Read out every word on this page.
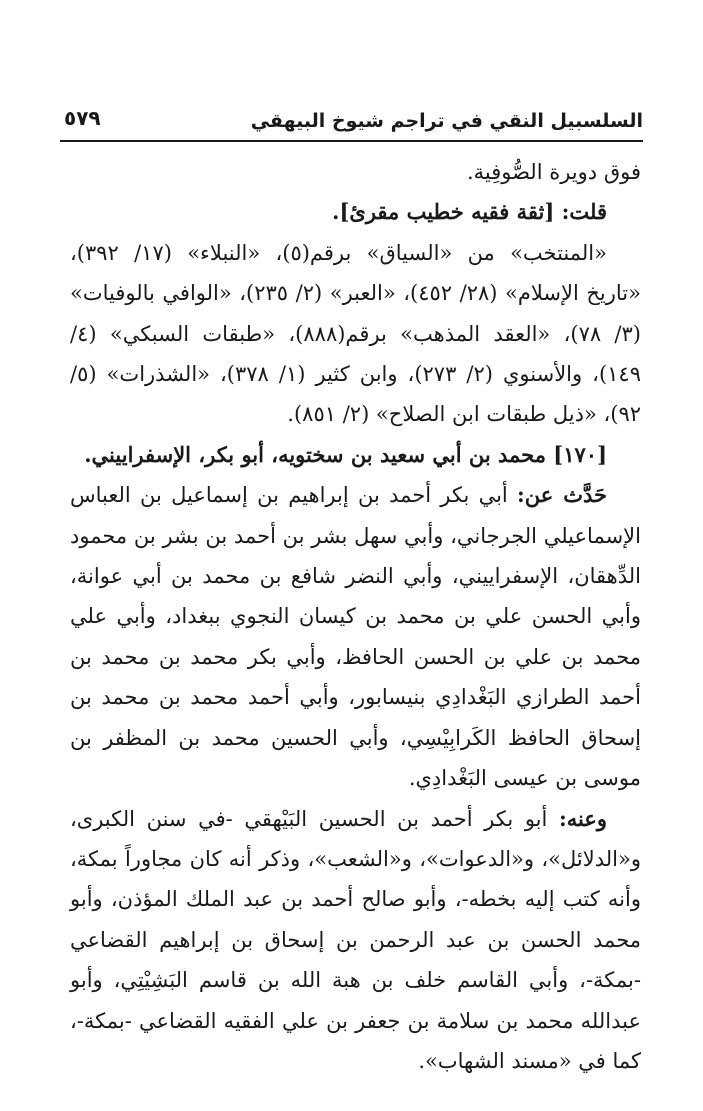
السلسبيل النقي في تراجم شيوخ البيهقي
٥٧٩

فوق دويرة الصُّوفِية.

قلت: [ثقة فقيه خطيب مقرئ].

«المنتخب» من «السياق» برقم(٥)، «النبلاء» (١٧/ ٣٩٢)، «تاريخ الإسلام» (٢٨/ ٤٥٢)، «العبر» (٢/ ٢٣٥)، «الوافي بالوفيات» (٣/ ٧٨)، «العقد المذهب» برقم(٨٨٨)، «طبقات السبكي» (٤/ ١٤٩)، والأسنوي (٢/ ٢٧٣)، وابن كثير (١/ ٣٧٨)، «الشذرات» (٥/ ٩٢)، «ذيل طبقات ابن الصلاح» (٢/ ٨٥١).

[١٧٠] محمد بن أبي سعيد بن سختويه، أبو بكر، الإسفراييني.

حَدَّث عن: أبي بكر أحمد بن إبراهيم بن إسماعيل بن العباس الإسماعيلي الجرجاني، وأبي سهل بشر بن أحمد بن بشر بن محمود الدِّهقان، الإسفراييني، وأبي النضر شافع بن محمد بن أبي عوانة، وأبي الحسن علي بن محمد بن كيسان النجوي ببغداد، وأبي علي محمد بن علي بن الحسن الحافظ، وأبي بكر محمد بن محمد بن أحمد الطرازي البَغْدادِي بنيسابور، وأبي أحمد محمد بن محمد بن إسحاق الحافظ الكَرابِيْسِي، وأبي الحسين محمد بن المظفر بن موسى بن عيسى البَغْدادِي.

وعنه: أبو بكر أحمد بن الحسين البَيْهقي -في سنن الكبرى، و«الدلائل»، و«الدعوات»، و«الشعب»، وذكر أنه كان مجاوراً بمكة، وأنه كتب إليه بخطه-، وأبو صالح أحمد بن عبد الملك المؤذن، وأبو محمد الحسن بن عبد الرحمن بن إسحاق بن إبراهيم القضاعي -بمكة-، وأبي القاسم خلف بن هبة الله بن قاسم البَشِيْتِي، وأبو عبدالله محمد بن سلامة بن جعفر بن علي الفقيه القضاعي -بمكة-، كما في «مسند الشهاب».
